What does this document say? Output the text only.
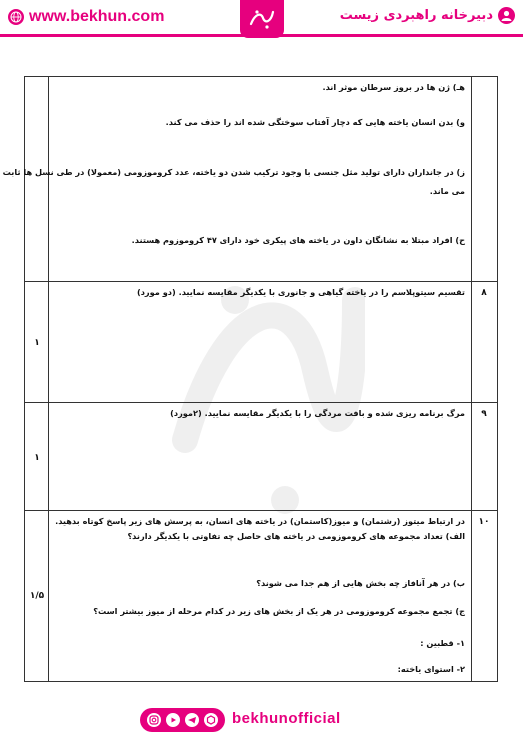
www.bekhun.com	دبیرخانه راهبردی زیست
هـ) ژن ها در بروز سرطان موثر اند.
و) بدن انسان یاخته هایی که دچار آفتاب سوختگی شده اند را حذف می کند.
ز) در جانداران دارای تولید مثل جنسی با وجود ترکیب شدن دو یاخته، عدد کروموزومی (معمولا) در طی نسل ها ثابت
می ماند.
ح) افراد مبتلا به نشانگان داون در یاخته های پیکری خود دارای ۴۷ کروموزوم هستند.
۱
۸
تقسیم سیتوپلاسم را در یاخته گیاهی و جانوری با یکدیگر مقایسه نمایید. (دو مورد)
۱
۹
مرگ برنامه ریزی شده و بافت مردگی را با یکدیگر مقایسه نمایید. (۲مورد)
۱/۵
۱۰
در ارتباط میتوز (رشتمان) و میوز(کاستمان) در یاخته های انسان، به پرسش های زیر پاسخ کوتاه بدهید.
الف) تعداد مجموعه های کروموزومی در یاخته های حاصل چه تفاوتی با یکدیگر دارند؟
ب) در هر آنافاز چه بخش هایی از هم جدا می شوند؟
ج) تجمع مجموعه کروموزومی در هر یک از بخش های زیر در کدام مرحله از میوز بیشتر است؟
۱- قطبین :
۲- استوای یاخته:
bekhunofficial
